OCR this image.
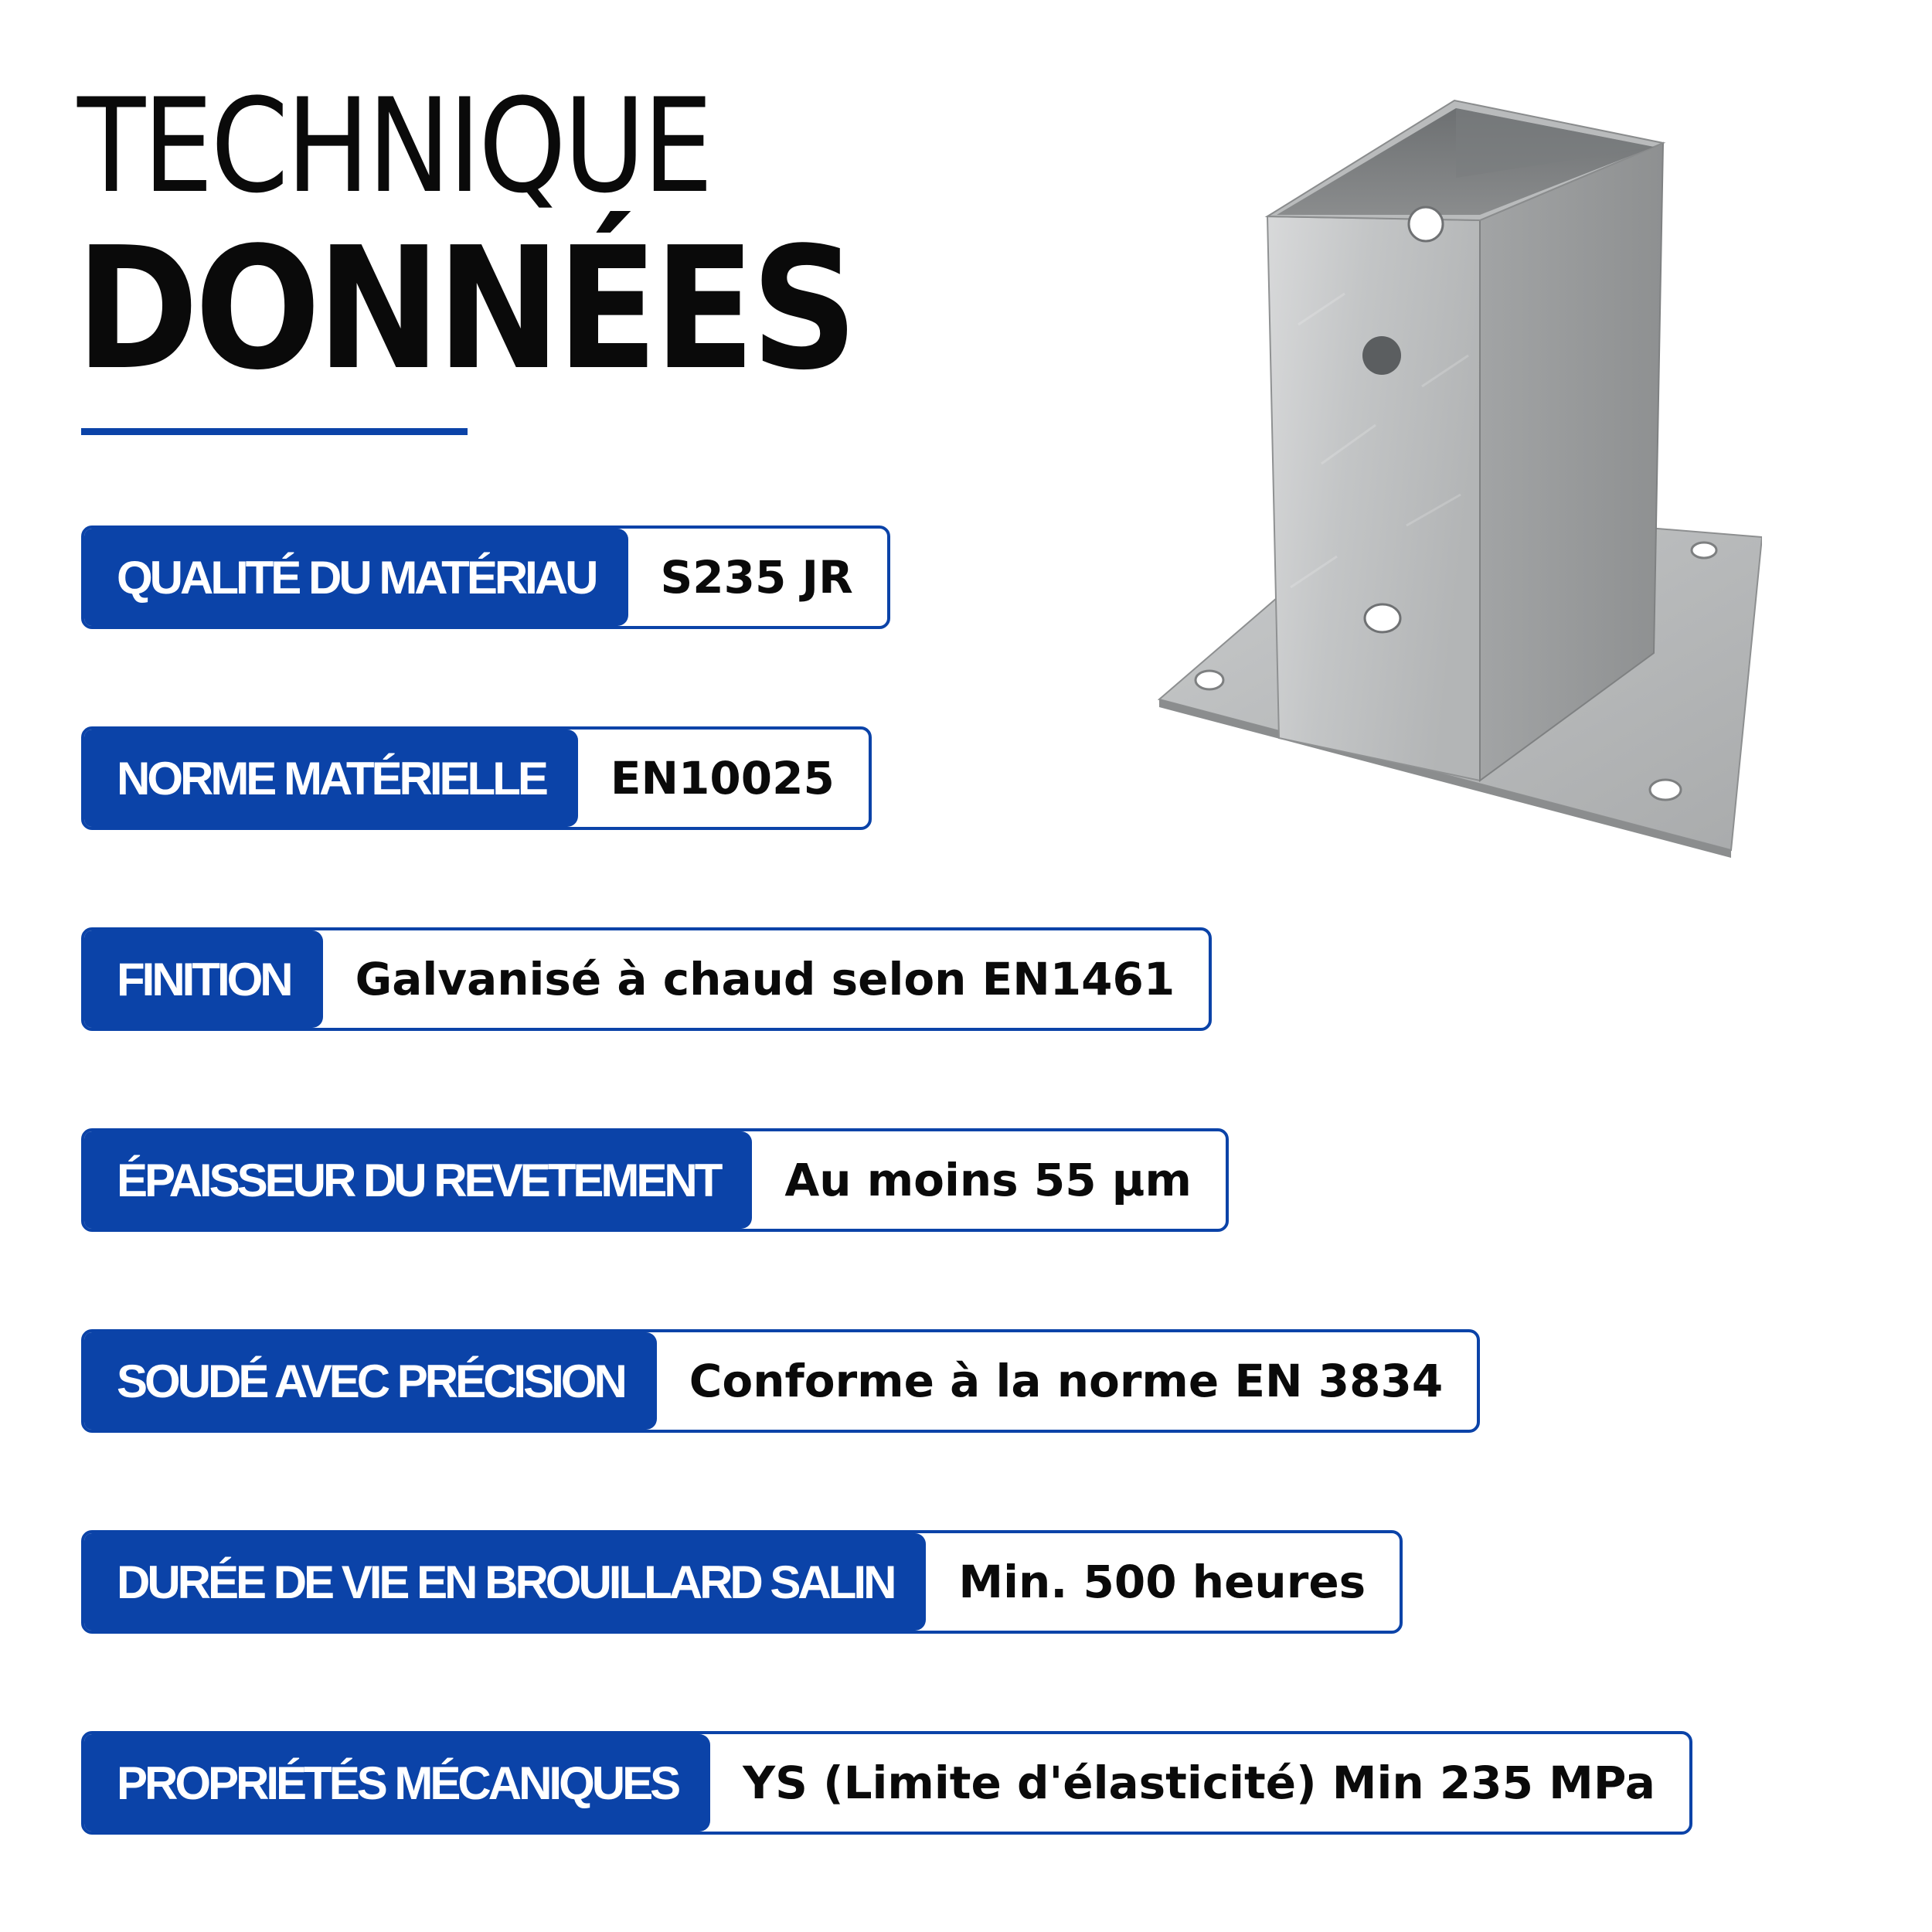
TECHNIQUE
DONNÉES
QUALITÉ DU MATÉRIAU	S235 JR
NORME MATÉRIELLE	EN10025
FINITION	Galvanisé à chaud selon EN1461
ÉPAISSEUR DU REVETEMENT	Au moins 55 µm
SOUDÉ AVEC PRÉCISION	Conforme à la norme EN 3834
DURÉE DE VIE EN BROUILLARD SALIN	Min. 500 heures
PROPRIÉTÉS MÉCANIQUES	YS (Limite d'élasticité) Min 235 MPa
